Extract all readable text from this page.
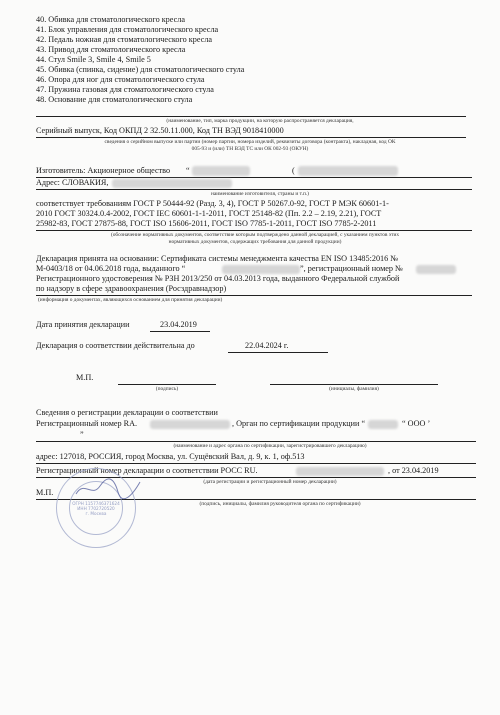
40. Обивка для стоматологического кресла
41. Блок управления для стоматологического кресла
42. Педаль ножная для стоматологического кресла
43. Привод для стоматологического кресла
44. Стул Smile 3, Smile 4, Smile 5
45. Обивка (спинка, сидение) для стоматологического стула
46. Опора для ног для стоматологического стула
47. Пружина газовая для стоматологического стула
48. Основание для стоматологического стула
(наименование, тип, марка продукции, на которую распространяется декларация,
Серийный выпуск, Код ОКПД 2 32.50.11.000, Код ТН ВЭД 9018410000
сведения о серийном выпуске или партии (номер партии, номера изделий, реквизиты договора (контракта), накладная, код ОК
005-93 и (или) ТН ВЭД ТС или ОК 002-93 (ОКУН)
Изготовитель: Акционерное общество “	(
Адрес: СЛОВАКИЯ,
наименование изготовителя, страны и т.п.)
соответствует требованиям ГОСТ Р 50444-92 (Разд. 3, 4), ГОСТ Р 50267.0-92, ГОСТ Р МЭК 60601-1-
2010 ГОСТ 30324.0.4-2002, ГОСТ IEC 60601-1-1-2011, ГОСТ 25148-82 (Пп. 2.2 – 2.19, 2.21), ГОСТ
25982-83, ГОСТ 27875-88, ГОСТ ISO 15606-2011, ГОСТ ISO 7785-1-2011, ГОСТ ISO 7785-2-2011
(обозначение нормативных документов, соответствие которым подтверждено данной декларацией, с указанием пунктов этих
нормативных документов, содержащих требования для данной продукции)
Декларация принята на основании: Сертификата системы менеджмента качества EN ISO 13485:2016 №
M-0403/18 от 04.06.2018 года, выданного “	”, регистрационный номер №
Регистрационного удостоверения № РЗН 2013/250 от 04.03.2013 года, выданного Федеральной службой
по надзору в сфере здравоохранения (Росздравнадзор)
(информация о документах, являющихся основанием для принятия декларации)
Дата принятия декларации	23.04.2019
Декларация о соответствии действительна до	22.04.2024 г.
М.П.
(подпись)	(инициалы, фамилия)
Сведения о регистрации декларации о соответствии
Регистрационный номер RA.	, Орган по сертификации продукции “	“ ООО ’
”
(наименование и адрес органа по сертификации, зарегистрировавшего декларацию)
адрес: 127018, РОССИЯ, город Москва, ул. Сущёвский Вал, д. 9, к. 1, оф.513
Регистрационный номер декларации о соответствии РОСС RU.	, от 23.04.2019
(дата регистрации и регистрационный номер декларации)
М.П.
(подпись, инициалы, фамилия руководителя органа по сертификации)
ОГРН 1157746371624
ИНН 7702720520
г. Москва
